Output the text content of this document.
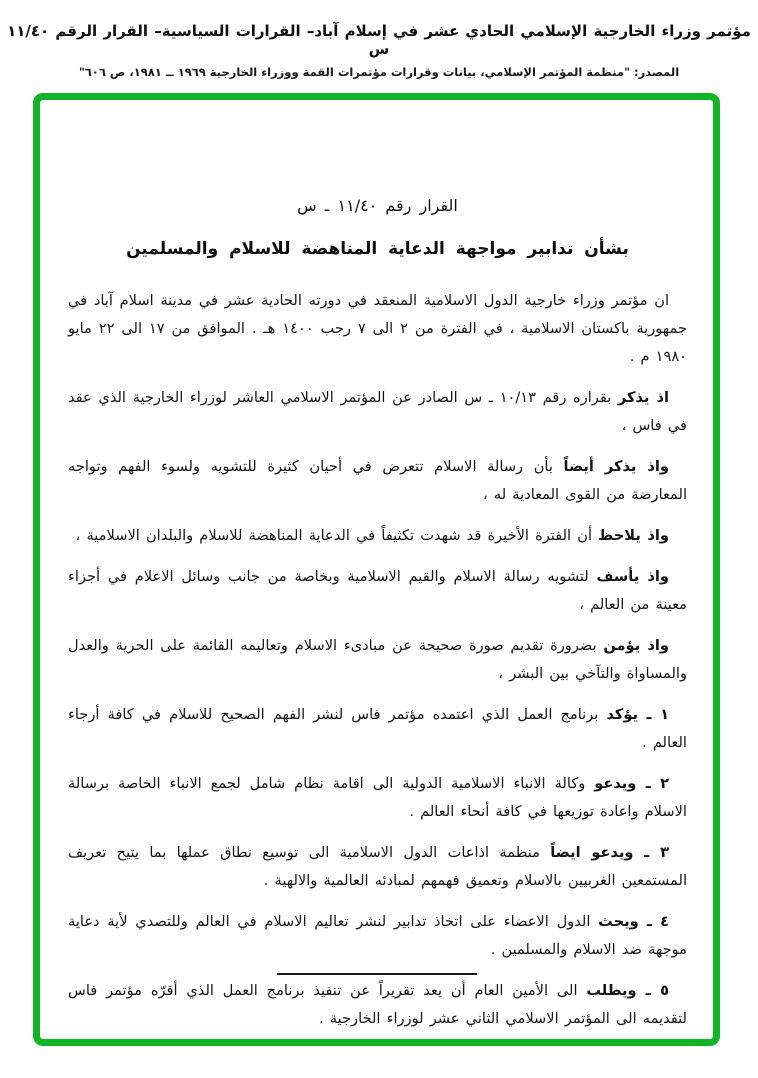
مؤتمر وزراء الخارجية الإسلامي الحادي عشر في إسلام آباد– القرارات السياسية– القرار الرقم ١١/٤٠ س
المصدر: "منظمة المؤتمر الإسلامي، بيانات وقرارات مؤتمرات القمة ووزراء الخارجية ١٩٦٩ ــ ١٩٨١، ص ٦٠٦"
القرار رقم ١١/٤٠ ـ س
بشأن تدابير مواجهة الدعاية المناهضة للاسلام والمسلمين
ان مؤتمر وزراء خارجية الدول الاسلامية المنعقد في دورته الحادية عشر في مدينة اسلام آباد في جمهورية باكستان الاسلامية ، في الفترة من ٢ الى ٧ رجب ١٤٠٠ هـ . الموافق من ١٧ الى ٢٢ مايو ١٩٨٠ م .
اذ يذكر بقراره رقم ١٠/١٣ ـ س الصادر عن المؤتمر الاسلامي العاشر لوزراء الخارجية الذي عقد في فاس ،
واذ يذكر أيضاً بأن رسالة الاسلام تتعرض في أحيان كثيرة للتشويه ولسوء الفهم وتواجه المعارضة من القوى المعادية له ،
واذ يلاحظ أن الفترة الأخيرة قد شهدت تكثيفاً في الدعاية المناهضة للاسلام والبلدان الاسلامية ،
واذ يأسف لتشويه رسالة الاسلام والقيم الاسلامية وبخاصة من جانب وسائل الاعلام في أجزاء معينة من العالم ،
واذ يؤمن بضرورة تقديم صورة صحيحة عن مبادىء الاسلام وتعاليمه القائمة على الحرية والعدل والمساواة والتآخي بين البشر ،
١ ـ يؤكد برنامج العمل الذي اعتمده مؤتمر فاس لنشر الفهم الصحيح للاسلام في كافة أرجاء العالم .
٢ ـ ويدعو وكالة الانباء الاسلامية الدولية الى اقامة نظام شامل لجمع الانباء الخاصة برسالة الاسلام واعادة توزيعها في كافة أنحاء العالم .
٣ ـ ويدعو ايضاً منظمة اذاعات الدول الاسلامية الى توسيع نطاق عملها بما يتيح تعريف المستمعين الغربيين بالاسلام وتعميق فهمهم لمبادئه العالمية والالهية .
٤ ـ ويحث الدول الاعضاء على اتخاذ تدابير لنشر تعاليم الاسلام في العالم وللتصدي لأية دعاية موجهة ضد الاسلام والمسلمين .
٥ ـ ويطلب الى الأمين العام أن يعد تقريراً عن تنفيذ برنامج العمل الذي أقرّه مؤتمر فاس لتقديمه الى المؤتمر الاسلامي الثاني عشر لوزراء الخارجية .
